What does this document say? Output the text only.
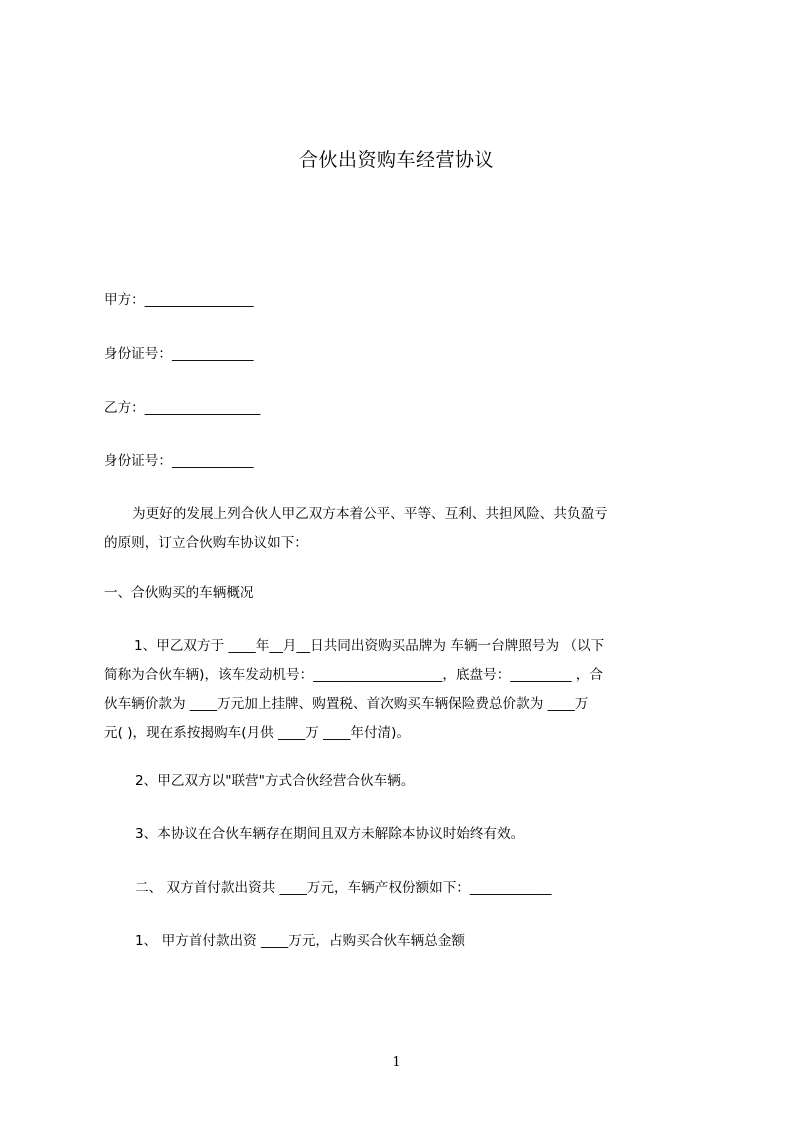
合伙出资购车经营协议
甲方：________________
身份证号：____________
乙方：_________________
身份证号：____________
为更好的发展上列合伙人甲乙双方本着公平、平等、互利、共担风险、共负盈亏
的原则，订立合伙购车协议如下：
一、合伙购买的车辆概况
1、甲乙双方于 ____年__月__日共同出资购买品牌为 车辆一台牌照号为 （以下
简称为合伙车辆)，该车发动机号：___________________，底盘号：_________ ，合
伙车辆价款为 ____万元加上挂牌、购置税、首次购买车辆保险费总价款为 ____万
元( )，现在系按揭购车(月供 ____万 ____年付清)。
2、甲乙双方以"联营"方式合伙经营合伙车辆。
3、本协议在合伙车辆存在期间且双方未解除本协议时始终有效。
二、 双方首付款出资共 ____万元，车辆产权份额如下：____________
1、 甲方首付款出资 ____万元，占购买合伙车辆总金额
1
